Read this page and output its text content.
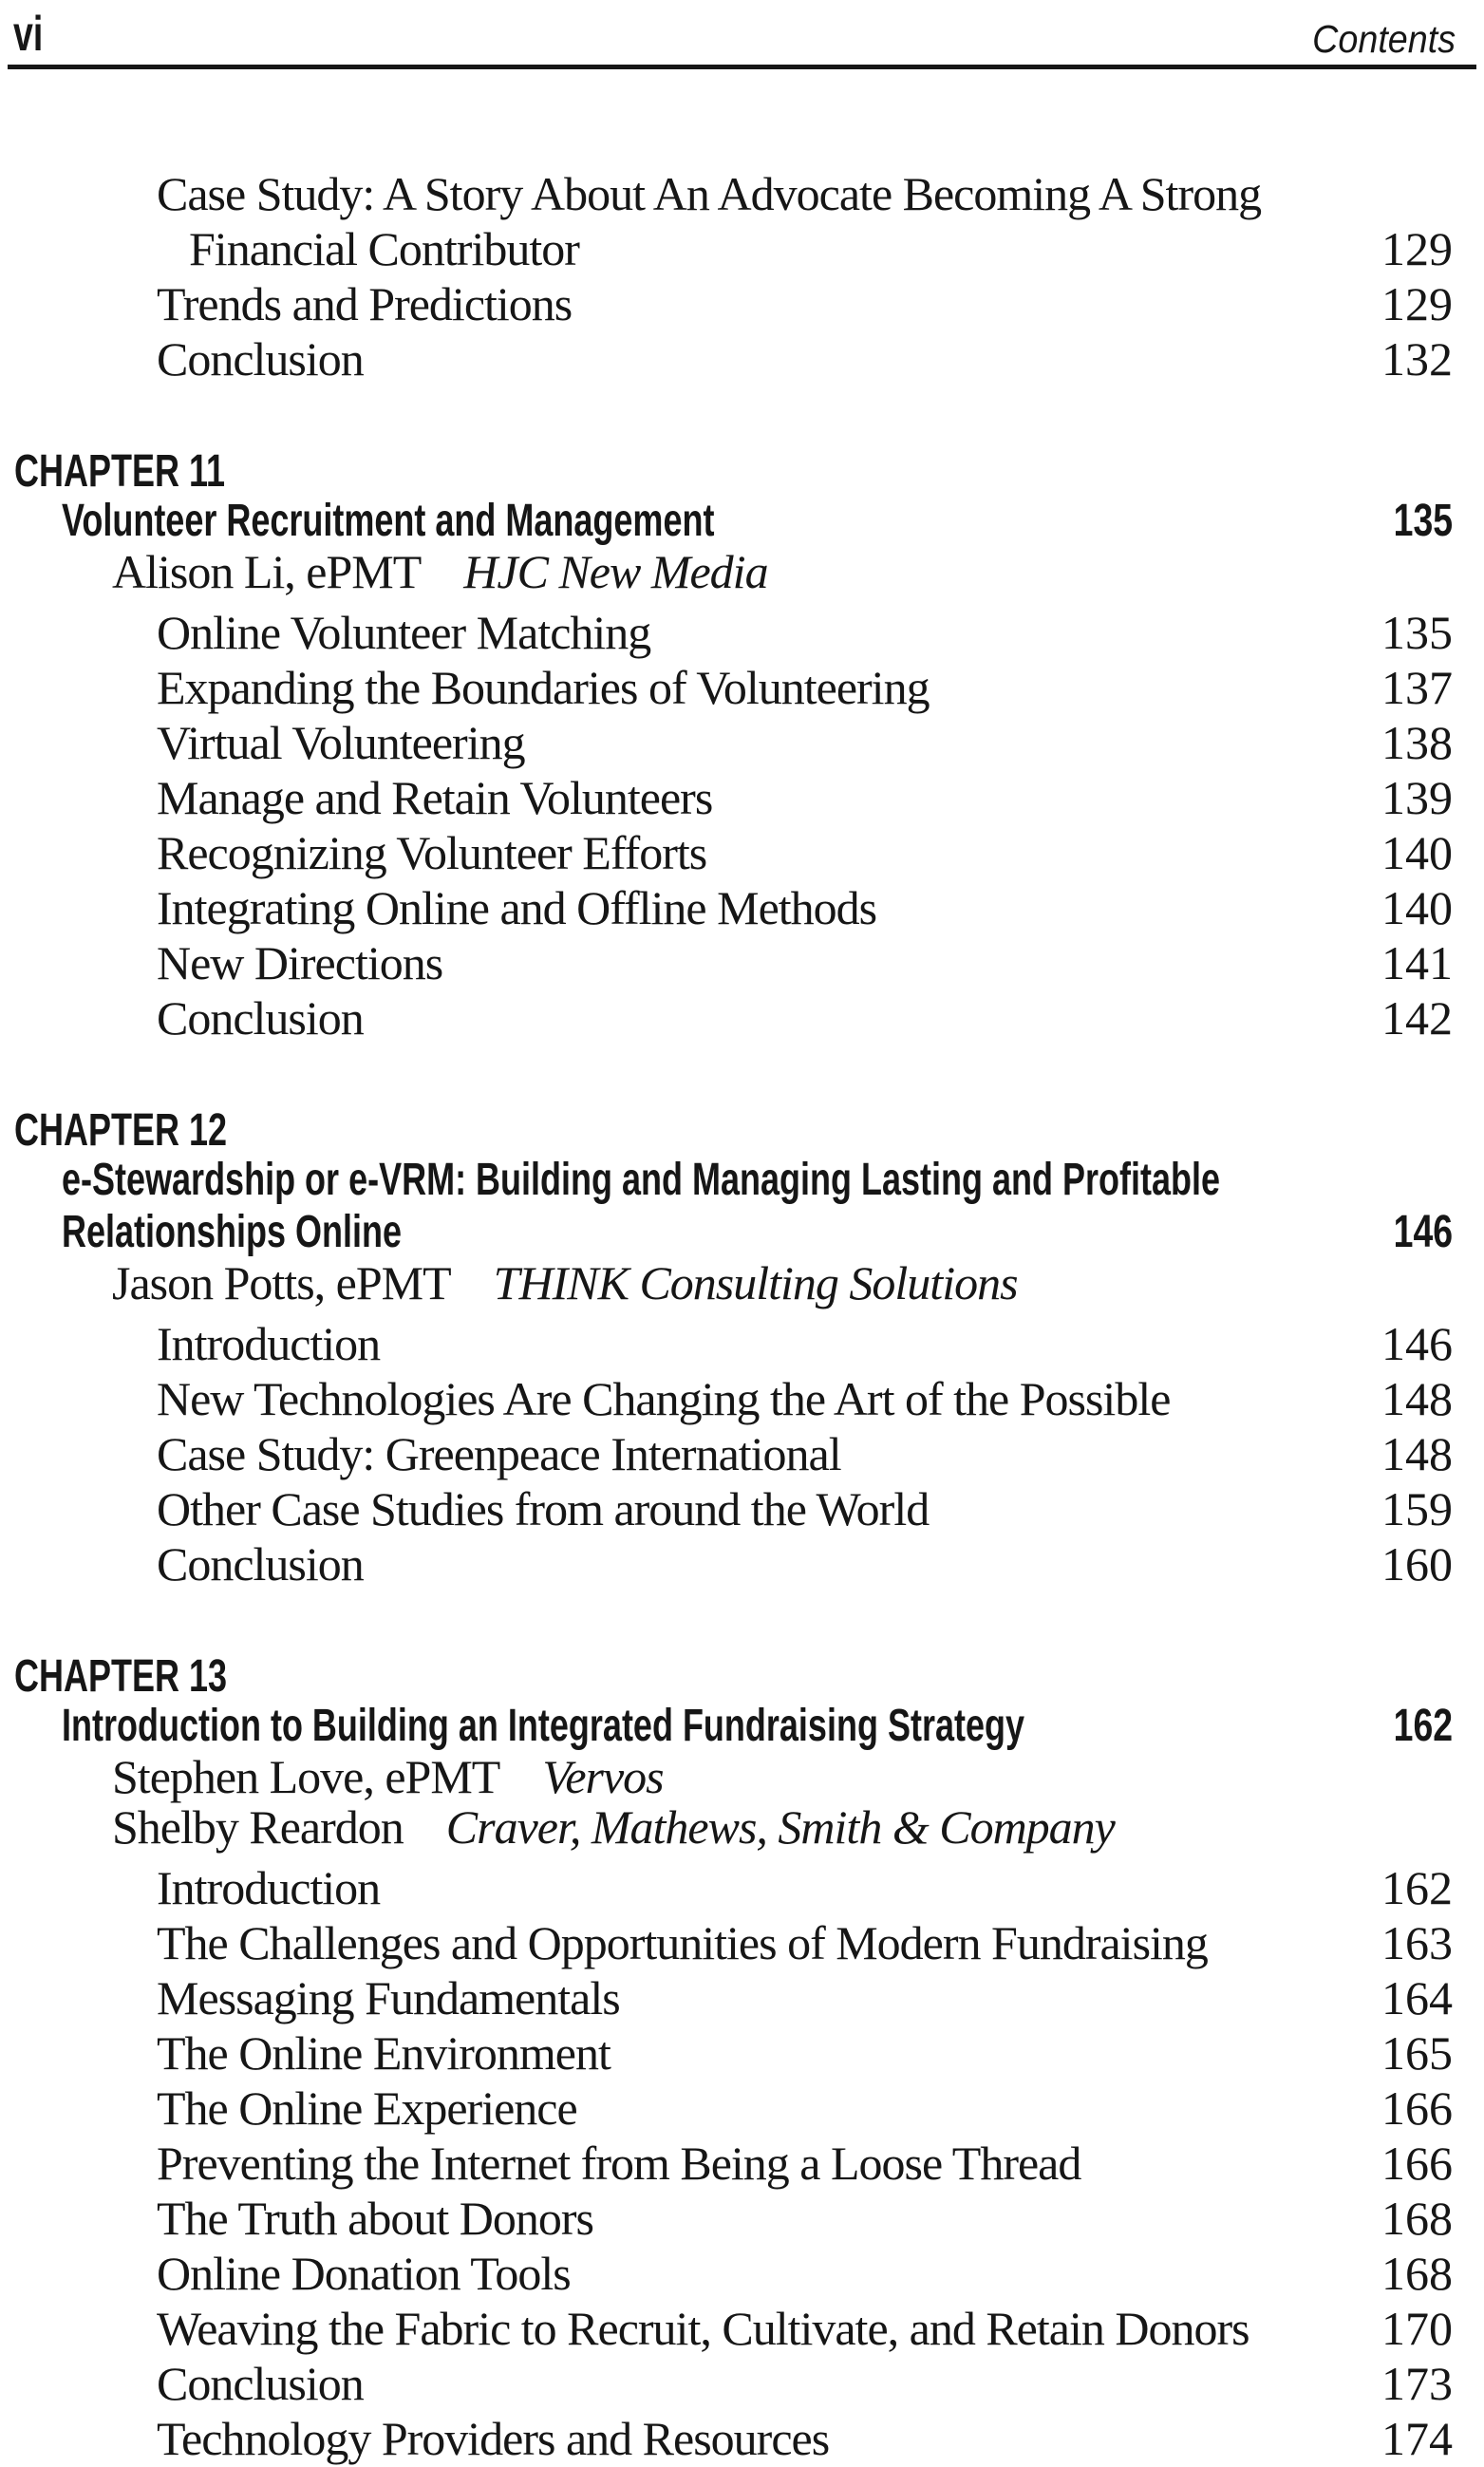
vi	Contents
Case Study: A Story About An Advocate Becoming A Strong Financial Contributor	129
Trends and Predictions	129
Conclusion	132
CHAPTER 11
Volunteer Recruitment and Management	135
Alison Li, ePMT HJC New Media
Online Volunteer Matching	135
Expanding the Boundaries of Volunteering	137
Virtual Volunteering	138
Manage and Retain Volunteers	139
Recognizing Volunteer Efforts	140
Integrating Online and Offline Methods	140
New Directions	141
Conclusion	142
CHAPTER 12
e-Stewardship or e-VRM: Building and Managing Lasting and Profitable Relationships Online	146
Jason Potts, ePMT THINK Consulting Solutions
Introduction	146
New Technologies Are Changing the Art of the Possible	148
Case Study: Greenpeace International	148
Other Case Studies from around the World	159
Conclusion	160
CHAPTER 13
Introduction to Building an Integrated Fundraising Strategy	162
Stephen Love, ePMT Vervos
Shelby Reardon Craver, Mathews, Smith & Company
Introduction	162
The Challenges and Opportunities of Modern Fundraising	163
Messaging Fundamentals	164
The Online Environment	165
The Online Experience	166
Preventing the Internet from Being a Loose Thread	166
The Truth about Donors	168
Online Donation Tools	168
Weaving the Fabric to Recruit, Cultivate, and Retain Donors	170
Conclusion	173
Technology Providers and Resources	174
